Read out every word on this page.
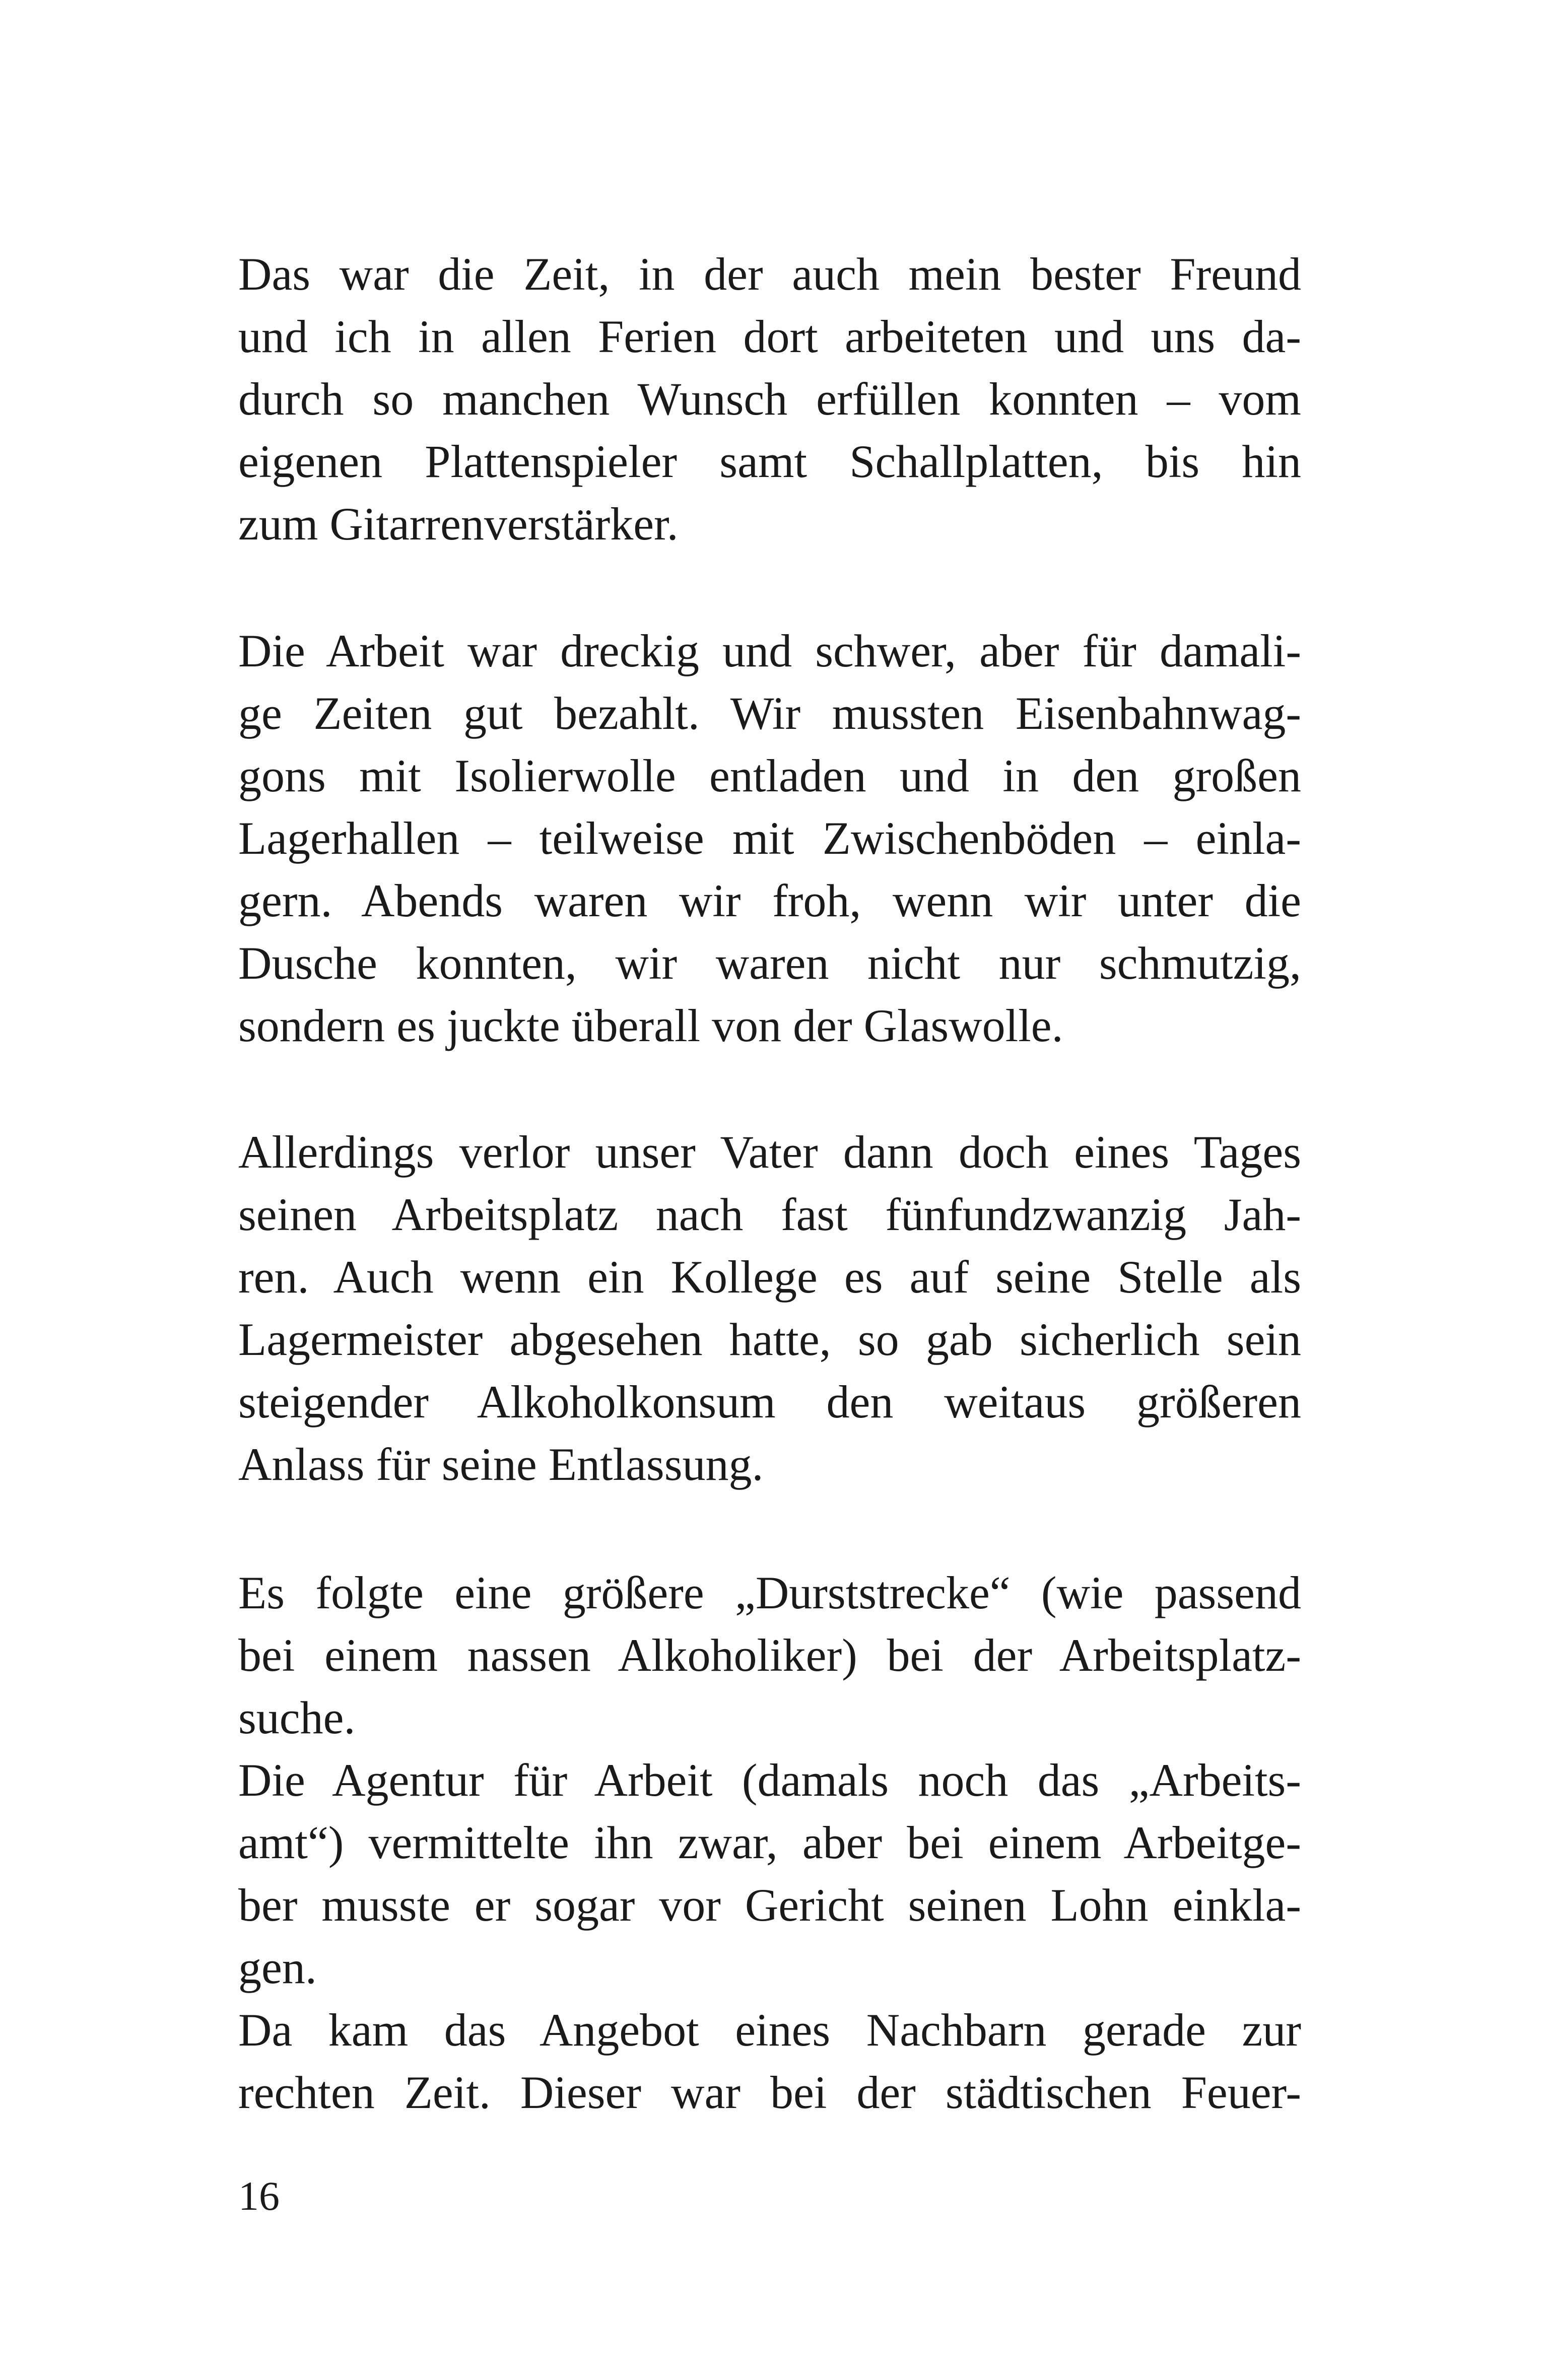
Das war die Zeit, in der auch mein bester Freund
und ich in allen Ferien dort arbeiteten und uns da-
durch so manchen Wunsch erfüllen konnten – vom
eigenen Plattenspieler samt Schallplatten, bis hin
zum Gitarrenverstärker.
Die Arbeit war dreckig und schwer, aber für damali-
ge Zeiten gut bezahlt. Wir mussten Eisenbahnwag-
gons mit Isolierwolle entladen und in den großen
Lagerhallen – teilweise mit Zwischenböden – einla-
gern. Abends waren wir froh, wenn wir unter die
Dusche konnten, wir waren nicht nur schmutzig,
sondern es juckte überall von der Glaswolle.
Allerdings verlor unser Vater dann doch eines Tages
seinen Arbeitsplatz nach fast fünfundzwanzig Jah-
ren. Auch wenn ein Kollege es auf seine Stelle als
Lagermeister abgesehen hatte, so gab sicherlich sein
steigender Alkoholkonsum den weitaus größeren
Anlass für seine Entlassung.
Es folgte eine größere „Durststrecke“ (wie passend
bei einem nassen Alkoholiker) bei der Arbeitsplatz-
suche.
Die Agentur für Arbeit (damals noch das „Arbeits-
amt“) vermittelte ihn zwar, aber bei einem Arbeitge-
ber musste er sogar vor Gericht seinen Lohn einkla-
gen.
Da kam das Angebot eines Nachbarn gerade zur
rechten Zeit. Dieser war bei der städtischen Feuer-
16
